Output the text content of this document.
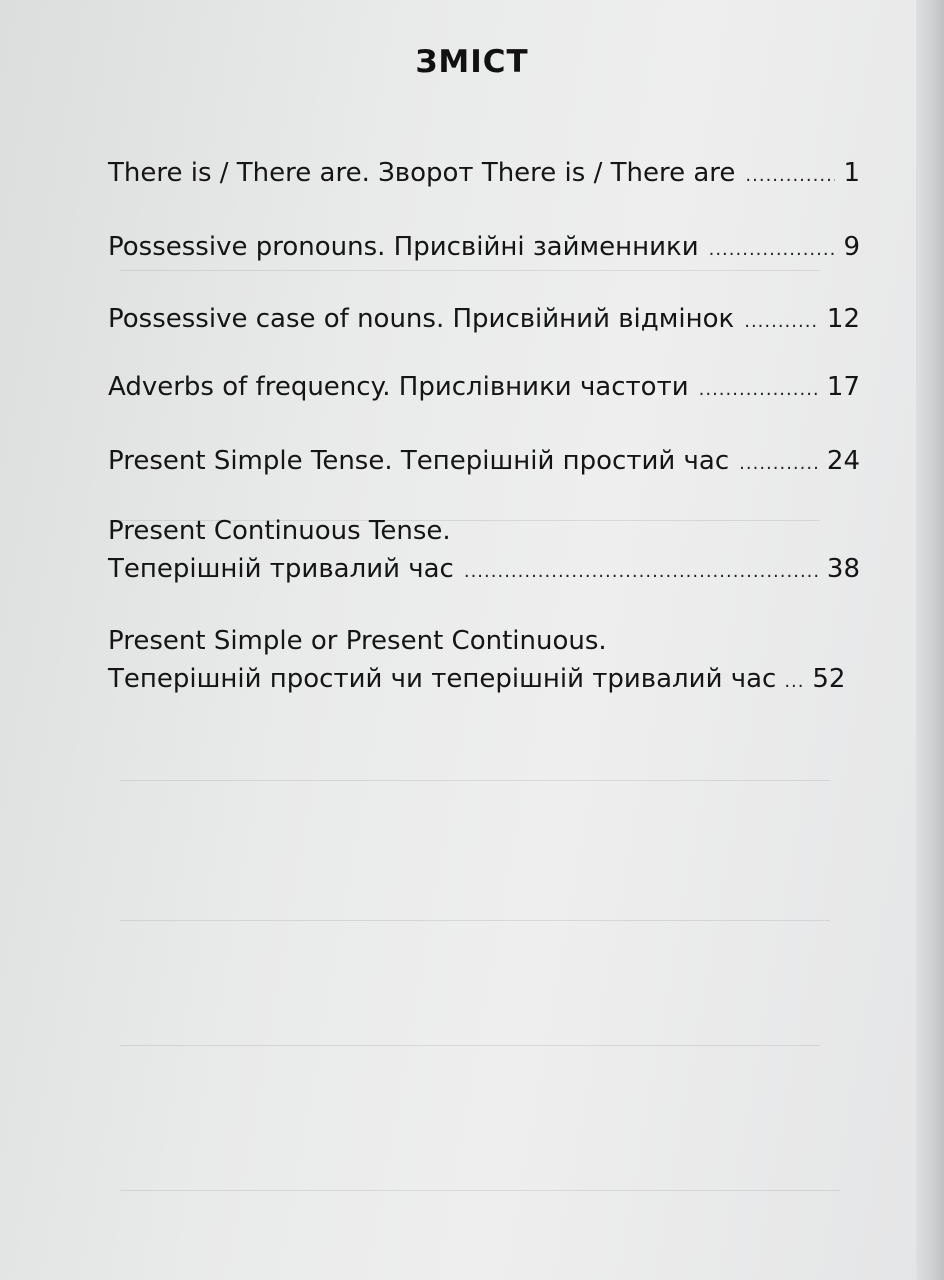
ЗМІСТ
There is / There are. Зворот There is / There are .....	1
Possessive pronouns. Присвійні займенники .....	9
Possessive case of nouns. Присвійний відмінок .....	12
Adverbs of frequency. Прислівники частоти .....	17
Present Simple Tense. Теперішній простий час .....	24
Present Continuous Tense.
Теперішній тривалий час .....	38
Present Simple or Present Continuous.
Теперішній простий чи теперішній тривалий час ..... 52
